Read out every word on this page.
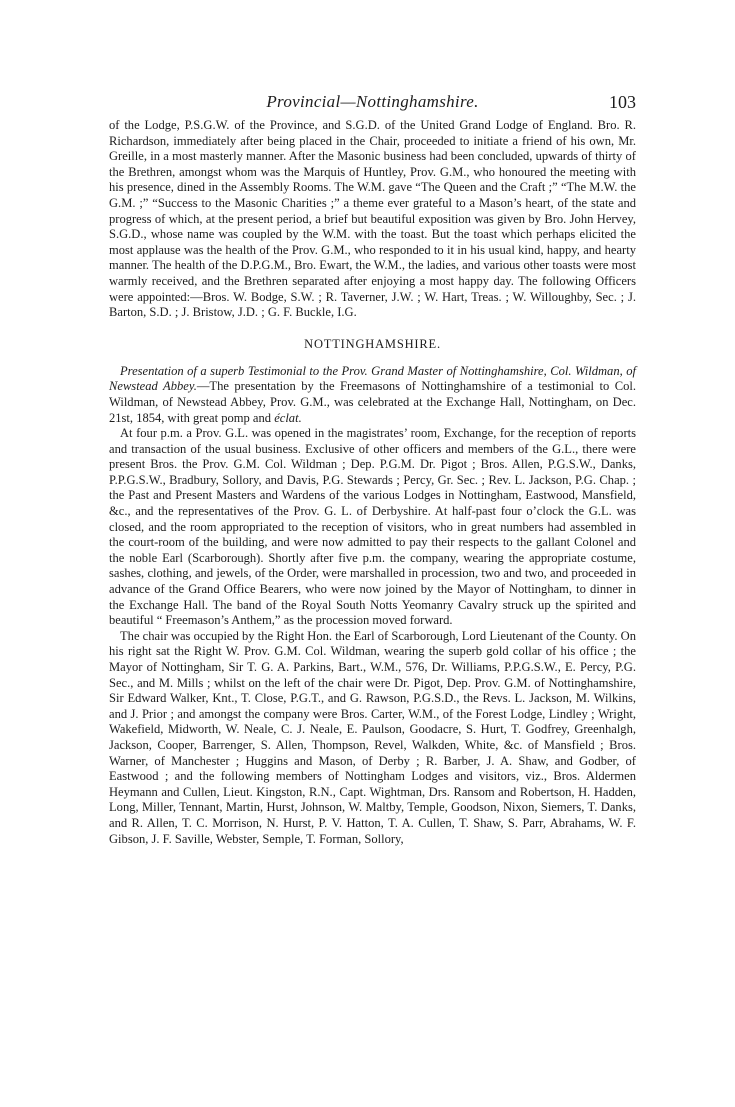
Provincial—Nottinghamshire.	103

of the Lodge, P.S.G.W. of the Province, and S.G.D. of the United Grand Lodge of England. Bro. R. Richardson, immediately after being placed in the Chair, proceeded to initiate a friend of his own, Mr. Greille, in a most masterly manner. After the Masonic business had been concluded, upwards of thirty of the Brethren, amongst whom was the Marquis of Huntley, Prov. G.M., who honoured the meeting with his presence, dined in the Assembly Rooms. The W.M. gave “The Queen and the Craft ;” “The M.W. the G.M. ;” “Success to the Masonic Charities ;” a theme ever grateful to a Mason’s heart, of the state and progress of which, at the present period, a brief but beautiful exposition was given by Bro. John Hervey, S.G.D., whose name was coupled by the W.M. with the toast. But the toast which perhaps elicited the most applause was the health of the Prov. G.M., who responded to it in his usual kind, happy, and hearty manner. The health of the D.P.G.M., Bro. Ewart, the W.M., the ladies, and various other toasts were most warmly received, and the Brethren separated after enjoying a most happy day. The following Officers were appointed:—Bros. W. Bodge, S.W. ; R. Taverner, J.W. ; W. Hart, Treas. ; W. Willoughby, Sec. ; J. Barton, S.D. ; J. Bristow, J.D. ; G. F. Buckle, I.G.

NOTTINGHAMSHIRE.

Presentation of a superb Testimonial to the Prov. Grand Master of Nottinghamshire, Col. Wildman, of Newstead Abbey.—The presentation by the Freemasons of Nottinghamshire of a testimonial to Col. Wildman, of Newstead Abbey, Prov. G.M., was celebrated at the Exchange Hall, Nottingham, on Dec. 21st, 1854, with great pomp and éclat.

At four p.m. a Prov. G.L. was opened in the magistrates’ room, Exchange, for the reception of reports and transaction of the usual business. Exclusive of other officers and members of the G.L., there were present Bros. the Prov. G.M. Col. Wildman ; Dep. P.G.M. Dr. Pigot ; Bros. Allen, P.G.S.W., Danks, P.P.G.S.W., Bradbury, Sollory, and Davis, P.G. Stewards ; Percy, Gr. Sec. ; Rev. L. Jackson, P.G. Chap. ; the Past and Present Masters and Wardens of the various Lodges in Nottingham, Eastwood, Mansfield, &c., and the representatives of the Prov. G. L. of Derbyshire. At half-past four o’clock the G.L. was closed, and the room appropriated to the reception of visitors, who in great numbers had assembled in the court-room of the building, and were now admitted to pay their respects to the gallant Colonel and the noble Earl (Scarborough). Shortly after five p.m. the company, wearing the appropriate costume, sashes, clothing, and jewels, of the Order, were marshalled in procession, two and two, and proceeded in advance of the Grand Office Bearers, who were now joined by the Mayor of Nottingham, to dinner in the Exchange Hall. The band of the Royal South Notts Yeomanry Cavalry struck up the spirited and beautiful “ Freemason’s Anthem,” as the procession moved forward.

The chair was occupied by the Right Hon. the Earl of Scarborough, Lord Lieutenant of the County. On his right sat the Right W. Prov. G.M. Col. Wildman, wearing the superb gold collar of his office ; the Mayor of Nottingham, Sir T. G. A. Parkins, Bart., W.M., 576, Dr. Williams, P.P.G.S.W., E. Percy, P.G. Sec., and M. Mills ; whilst on the left of the chair were Dr. Pigot, Dep. Prov. G.M. of Nottinghamshire, Sir Edward Walker, Knt., T. Close, P.G.T., and G. Rawson, P.G.S.D., the Revs. L. Jackson, M. Wilkins, and J. Prior ; and amongst the company were Bros. Carter, W.M., of the Forest Lodge, Lindley ; Wright, Wakefield, Midworth, W. Neale, C. J. Neale, E. Paulson, Goodacre, S. Hurt, T. Godfrey, Greenhalgh, Jackson, Cooper, Barrenger, S. Allen, Thompson, Revel, Walkden, White, &c. of Mansfield ; Bros. Warner, of Manchester ; Huggins and Mason, of Derby ; R. Barber, J. A. Shaw, and Godber, of Eastwood ; and the following members of Nottingham Lodges and visitors, viz., Bros. Aldermen Heymann and Cullen, Lieut. Kingston, R.N., Capt. Wightman, Drs. Ransom and Robertson, H. Hadden, Long, Miller, Tennant, Martin, Hurst, Johnson, W. Maltby, Temple, Goodson, Nixon, Siemers, T. Danks, and R. Allen, T. C. Morrison, N. Hurst, P. V. Hatton, T. A. Cullen, T. Shaw, S. Parr, Abrahams, W. F. Gibson, J. F. Saville, Webster, Semple, T. Forman, Sollory,
